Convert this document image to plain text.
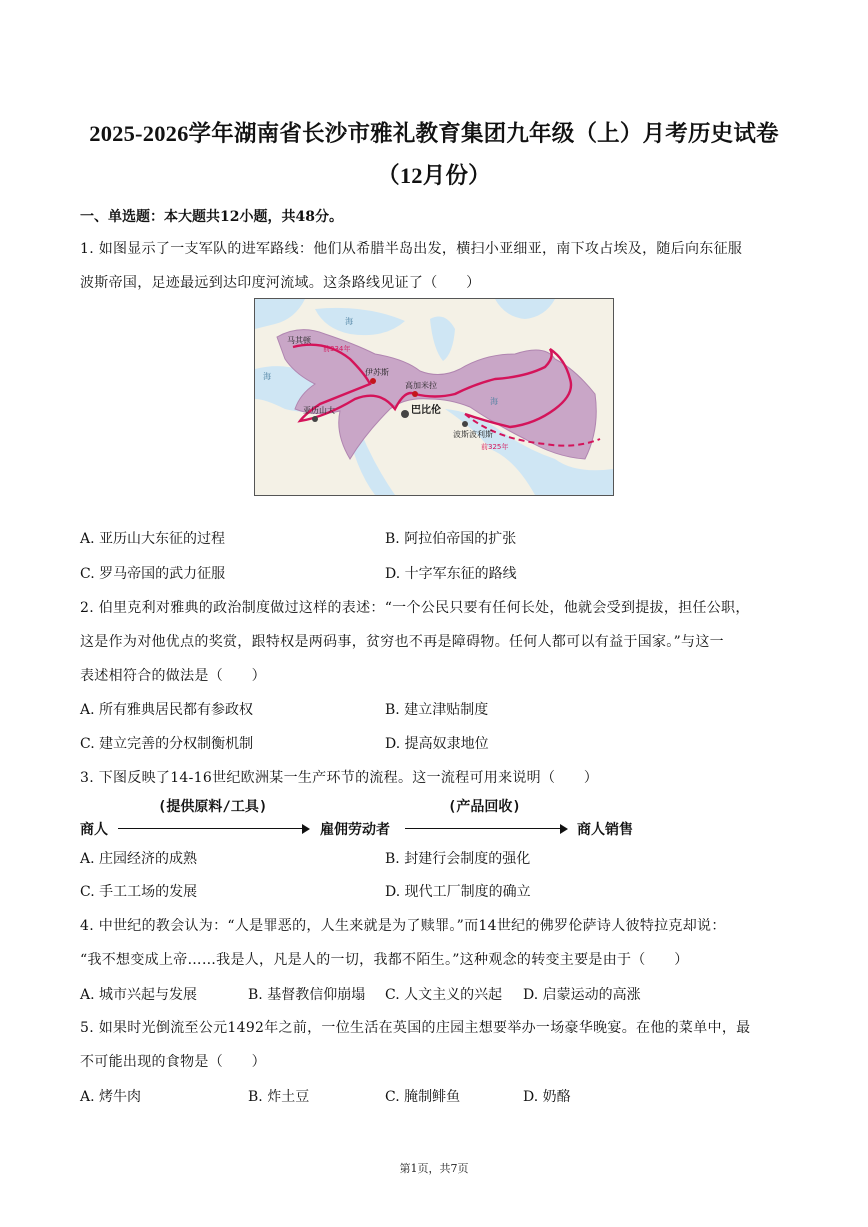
2025-2026学年湖南省长沙市雅礼教育集团九年级（上）月考历史试卷
（12月份）
一、单选题：本大题共12小题，共48分。
1. 如图显示了一支军队的进军路线：他们从希腊半岛出发，横扫小亚细亚，南下攻占埃及，随后向东征服
波斯帝国，足迹最远到达印度河流域。这条路线见证了（　　）
马其顿
伊苏斯
高加米拉
巴比伦
亚历山大
波斯波利斯
海
海
海
前334年
前325年
A. 亚历山大东征的过程	B. 阿拉伯帝国的扩张
C. 罗马帝国的武力征服	D. 十字军东征的路线
2. 伯里克利对雅典的政治制度做过这样的表述：“一个公民只要有任何长处，他就会受到提拔，担任公职，
这是作为对他优点的奖赏，跟特权是两码事，贫穷也不再是障碍物。任何人都可以有益于国家。”与这一
表述相符合的做法是（　　）
A. 所有雅典居民都有参政权	B. 建立津贴制度
C. 建立完善的分权制衡机制	D. 提高奴隶地位
3. 下图反映了14-16世纪欧洲某一生产环节的流程。这一流程可用来说明（　　）
(提供原料/工具)	(产品回收)
商人	雇佣劳动者	商人销售
A. 庄园经济的成熟	B. 封建行会制度的强化
C. 手工工场的发展	D. 现代工厂制度的确立
4. 中世纪的教会认为：“人是罪恶的，人生来就是为了赎罪。”而14世纪的佛罗伦萨诗人彼特拉克却说：
“我不想变成上帝……我是人，凡是人的一切，我都不陌生。”这种观念的转变主要是由于（　　）
A. 城市兴起与发展	B. 基督教信仰崩塌 C. 人文主义的兴起 D. 启蒙运动的高涨
5. 如果时光倒流至公元1492年之前，一位生活在英国的庄园主想要举办一场豪华晚宴。在他的菜单中，最
不可能出现的食物是（　　）
A. 烤牛肉	B. 炸土豆	C. 腌制鲱鱼	D. 奶酪
第1页，共7页
